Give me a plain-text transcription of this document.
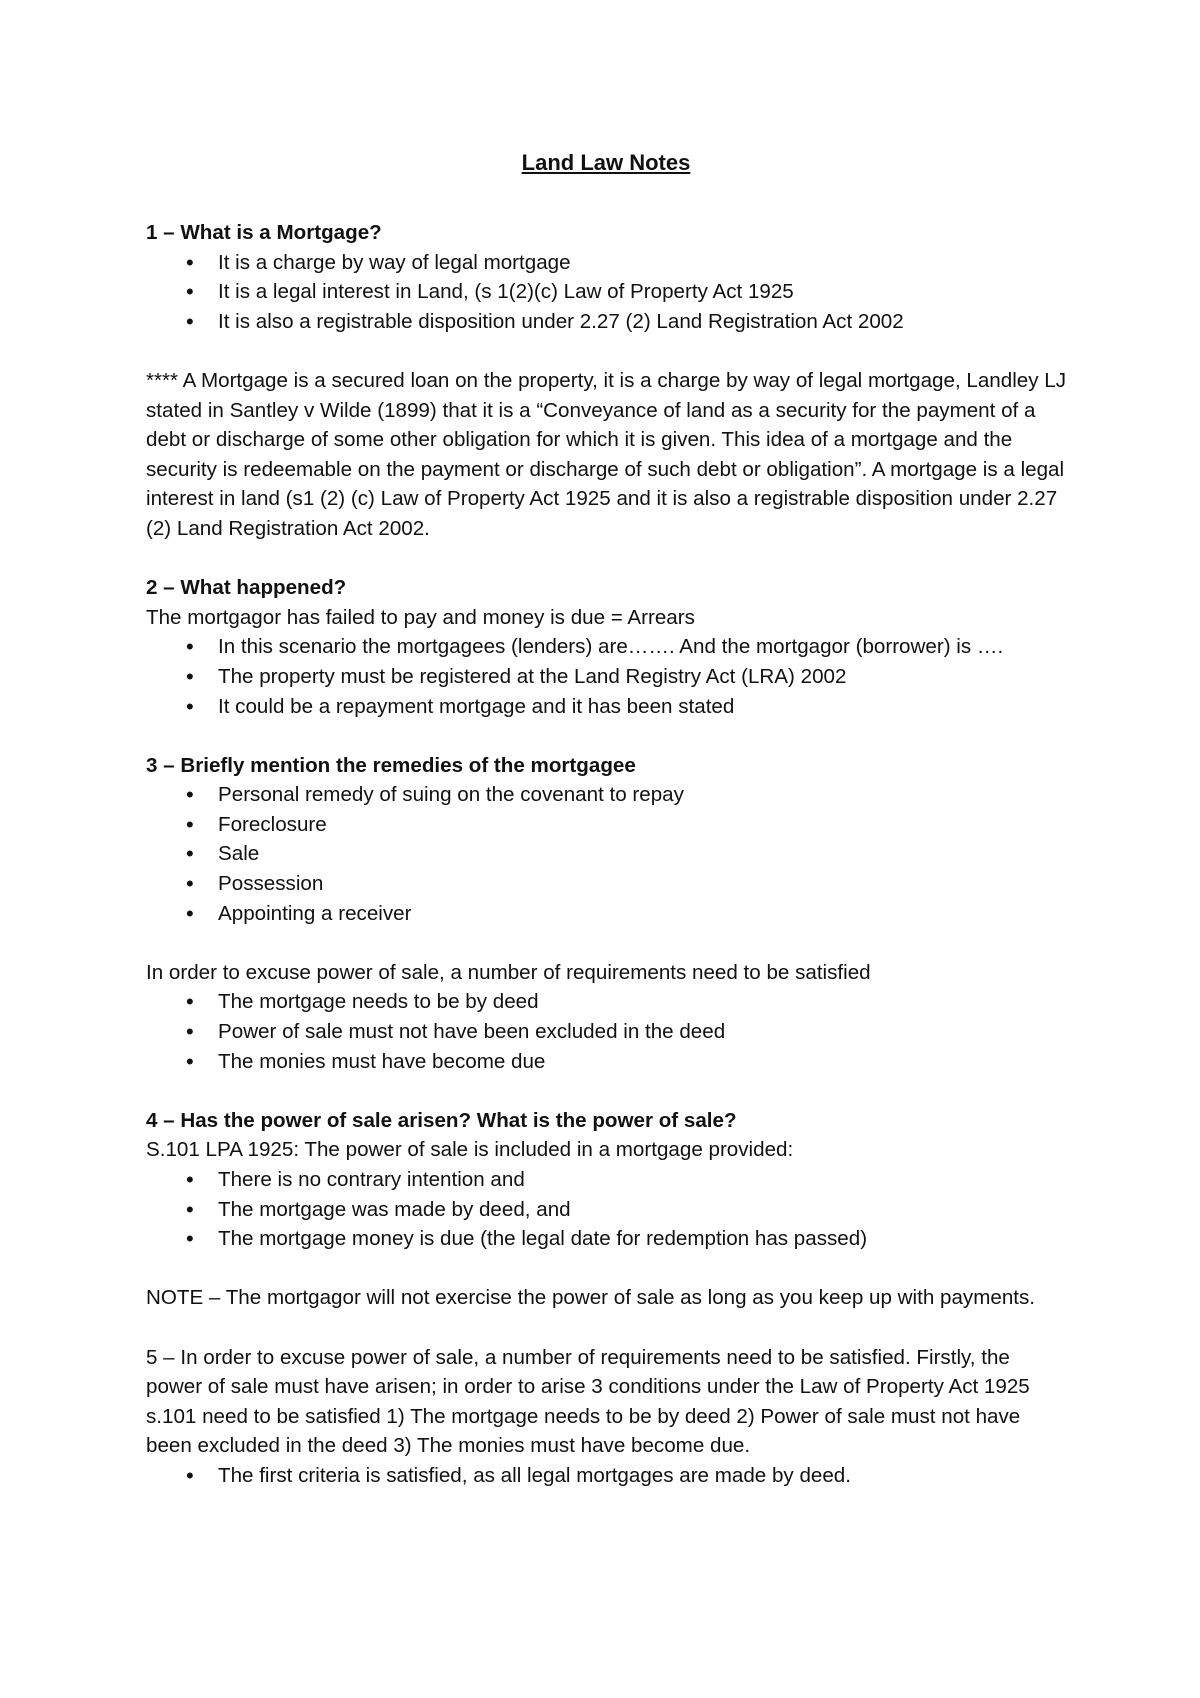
Land Law Notes

1 – What is a Mortgage?

• It is a charge by way of legal mortgage
• It is a legal interest in Land, (s 1(2)(c) Law of Property Act 1925
• It is also a registrable disposition under 2.27 (2) Land Registration Act 2002

**** A Mortgage is a secured loan on the property, it is a charge by way of legal mortgage, Landley LJ stated in Santley v Wilde (1899) that it is a “Conveyance of land as a security for the payment of a debt or discharge of some other obligation for which it is given. This idea of a mortgage and the security is redeemable on the payment or discharge of such debt or obligation”. A mortgage is a legal interest in land (s1 (2) (c) Law of Property Act 1925 and it is also a registrable disposition under 2.27 (2) Land Registration Act 2002.

2 – What happened?

The mortgagor has failed to pay and money is due = Arrears

• In this scenario the mortgagees (lenders) are……. And the mortgagor (borrower) is ….
• The property must be registered at the Land Registry Act (LRA) 2002
• It could be a repayment mortgage and it has been stated

3 – Briefly mention the remedies of the mortgagee

• Personal remedy of suing on the covenant to repay
• Foreclosure
• Sale
• Possession
• Appointing a receiver

In order to excuse power of sale, a number of requirements need to be satisfied

• The mortgage needs to be by deed
• Power of sale must not have been excluded in the deed
• The monies must have become due

4 – Has the power of sale arisen? What is the power of sale?

S.101 LPA 1925: The power of sale is included in a mortgage provided:

• There is no contrary intention and
• The mortgage was made by deed, and
• The mortgage money is due (the legal date for redemption has passed)

NOTE – The mortgagor will not exercise the power of sale as long as you keep up with payments.

5 – In order to excuse power of sale, a number of requirements need to be satisfied. Firstly, the power of sale must have arisen; in order to arise 3 conditions under the Law of Property Act 1925 s.101 need to be satisfied 1) The mortgage needs to be by deed 2) Power of sale must not have been excluded in the deed 3) The monies must have become due.

• The first criteria is satisfied, as all legal mortgages are made by deed.
